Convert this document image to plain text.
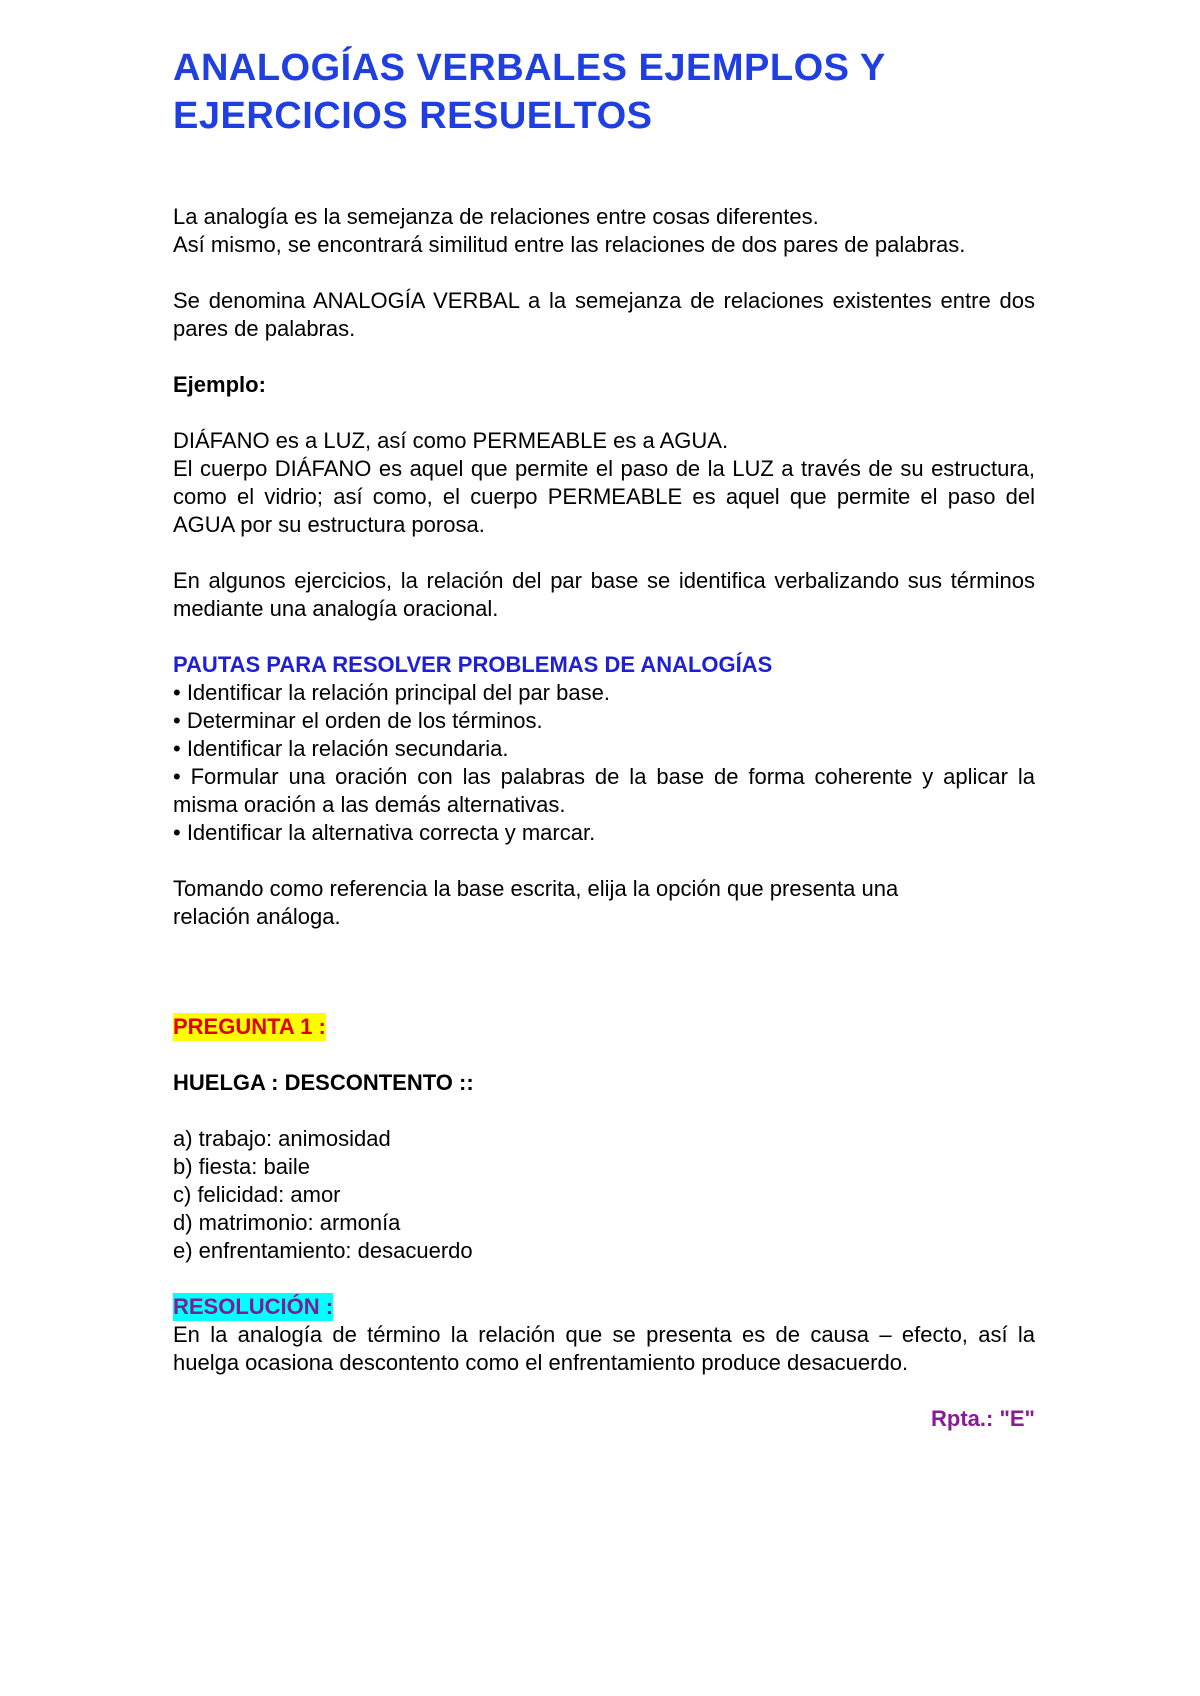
ANALOGÍAS VERBALES EJEMPLOS Y EJERCICIOS RESUELTOS

La analogía es la semejanza de relaciones entre cosas diferentes.

Así mismo, se encontrará similitud entre las relaciones de dos pares de palabras.

Se denomina ANALOGÍA VERBAL a la semejanza de relaciones existentes entre dos pares de palabras.

Ejemplo:

DIÁFANO es a LUZ, así como PERMEABLE es a AGUA.

El cuerpo DIÁFANO es aquel que permite el paso de la LUZ a través de su estructura, como el vidrio; así como, el cuerpo PERMEABLE es aquel que permite el paso del AGUA por su estructura porosa.

En algunos ejercicios, la relación del par base se identifica verbalizando sus términos mediante una analogía oracional.

PAUTAS PARA RESOLVER PROBLEMAS DE ANALOGÍAS

• Identificar la relación principal del par base.
• Determinar el orden de los términos.
• Identificar la relación secundaria.
• Formular una oración con las palabras de la base de forma coherente y aplicar la misma oración a las demás alternativas.
• Identificar la alternativa correcta y marcar.

Tomando como referencia la base escrita, elija la opción que presenta una relación análoga.

PREGUNTA 1 :

HUELGA : DESCONTENTO ::

a) trabajo: animosidad

b) fiesta: baile

c) felicidad: amor

d) matrimonio: armonía

e) enfrentamiento: desacuerdo

RESOLUCIÓN :

En la analogía de término la relación que se presenta es de causa – efecto, así la huelga ocasiona descontento como el enfrentamiento produce desacuerdo.

Rpta.: "E"
